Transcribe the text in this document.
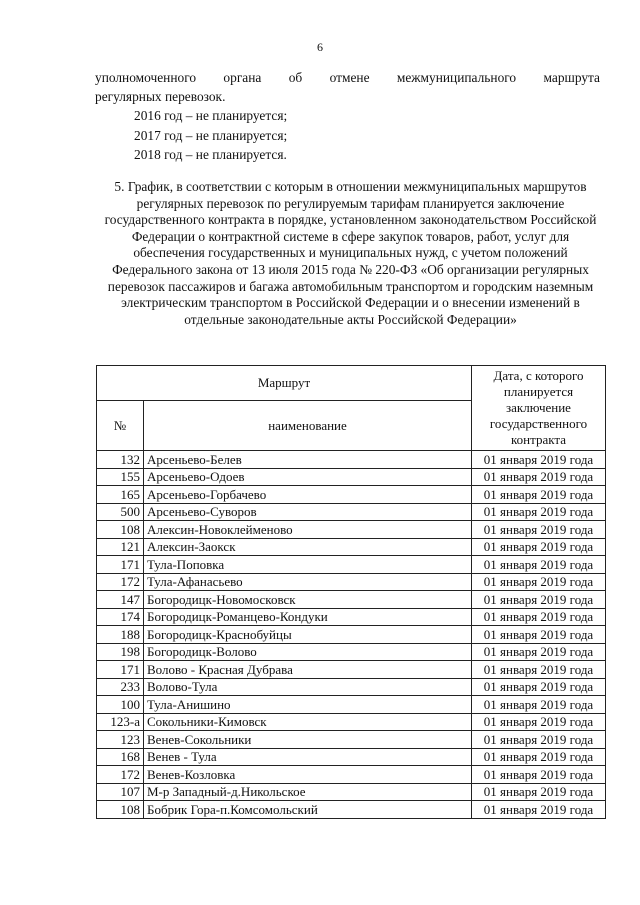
6
уполномоченного органа об отмене межмуниципального маршрута
регулярных перевозок.
2016 год – не планируется;
2017 год – не планируется;
2018 год – не планируется.
5. График, в соответствии с которым в отношении межмуниципальных маршрутов регулярных перевозок по регулируемым тарифам планируется заключение государственного контракта в порядке, установленном законодательством Российской Федерации о контрактной системе в сфере закупок товаров, работ, услуг для обеспечения государственных и муниципальных нужд, с учетом положений Федерального закона от 13 июля 2015 года № 220-ФЗ «Об организации регулярных перевозок пассажиров и багажа автомобильным транспортом и городским наземным электрическим транспортом в Российской Федерации и о внесении изменений в отдельные законодательные акты Российской Федерации»
Маршрут		Дата, с которого планируется заключение государственного контракта
№	наименование	
132	Арсеньево-Белев	01 января 2019 года
155	Арсеньево-Одоев	01 января 2019 года
165	Арсеньево-Горбачево	01 января 2019 года
500	Арсеньево-Суворов	01 января 2019 года
108	Алексин-Новоклейменово	01 января 2019 года
121	Алексин-Заокск	01 января 2019 года
171	Тула-Поповка	01 января 2019 года
172	Тула-Афанасьево	01 января 2019 года
147	Богородицк-Новомосковск	01 января 2019 года
174	Богородицк-Романцево-Кондуки	01 января 2019 года
188	Богородицк-Краснобуйцы	01 января 2019 года
198	Богородицк-Волово	01 января 2019 года
171	Волово - Красная Дубрава	01 января 2019 года
233	Волово-Тула	01 января 2019 года
100	Тула-Анишино	01 января 2019 года
123-а	Сокольники-Кимовск	01 января 2019 года
123	Венев-Сокольники	01 января 2019 года
168	Венев - Тула	01 января 2019 года
172	Венев-Козловка	01 января 2019 года
107	М-р Западный-д.Никольское	01 января 2019 года
108	Бобрик Гора-п.Комсомольский	01 января 2019 года
